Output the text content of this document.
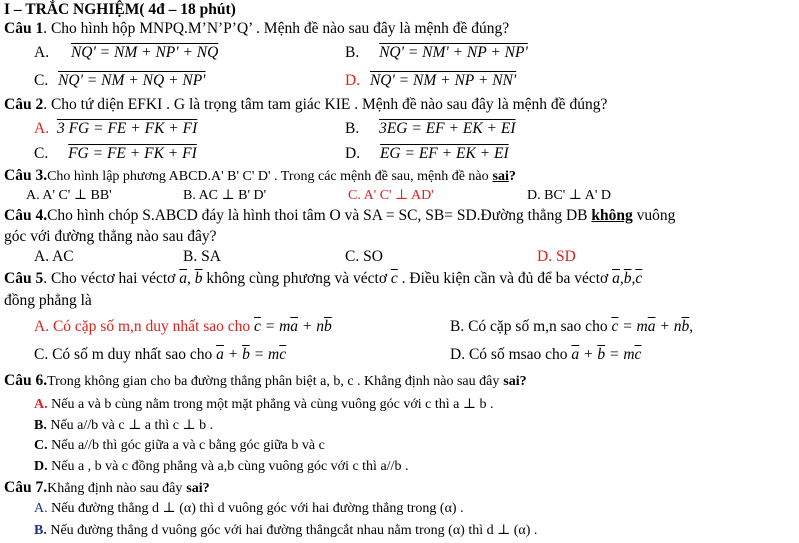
I – TRẮC NGHIỆM( 4đ – 18 phút)
Câu 1. Cho hình hộp MNPQ.M’N’P’Q’ . Mệnh đề nào sau đây là mệnh đề đúng?
A. NQ' = NM + NP' + NQ	B. NQ' = NM' + NP + NP'
C. NQ' = NM + NQ + NP'	D. NQ' = NM + NP + NN'
Câu 2. Cho tứ diện EFKI . G là trọng tâm tam giác KIE . Mệnh đề nào sau đây là mệnh đề đúng?
A. 3 FG = FE + FK + FI	B. 3EG = EF + EK + EI
C. FG = FE + FK + FI	D. EG = EF + EK + EI
Câu 3.Cho hình lập phương ABCD.A' B' C' D' . Trong các mệnh đề sau, mệnh đề nào sai?
A. A' C' ⊥ BB'	B. AC ⊥ B' D'	C. A' C' ⊥ AD'	D. BC' ⊥ A' D
Câu 4.Cho hình chóp S.ABCD đáy là hình thoi tâm O và SA = SC, SB= SD.Đường thẳng DB không vuông
góc với đường thẳng nào sau đây?
A. AC	B. SA	C. SO	D. SD
Câu 5. Cho véctơ hai véctơ $\overline{a}$, $\overline{b}$ không cùng phương và véctơ $\overline{c}$ . Điều kiện cần và đủ để ba véctơ $\overline{a},\overline{b},\overline{c}$
đồng phẳng là
A. Có cặp số m,n duy nhất sao cho $\overline{c} = m\overline{a} + n\overline{b}$	B. Có cặp số m,n sao cho $\overline{c} = m\overline{a} + n\overline{b}$,
C. Có số m duy nhất sao cho $\overline{a} + \overline{b} = m\overline{c}$	D. Có số msao cho $\overline{a} + \overline{b} = m\overline{c}$
Câu 6.Trong không gian cho ba đường thẳng phân biệt a, b, c . Khẳng định nào sau đây sai?
A. Nếu a và b cùng nằm trong một mặt phẳng và cùng vuông góc với c thì a ⊥ b .
B. Nếu a//b và c ⊥ a thì c ⊥ b .
C. Nếu a//b thì góc giữa a và c bằng góc giữa b và c
D. Nếu a , b và c đồng phẳng và a,b cùng vuông góc với c thì a//b .
Câu 7.Khẳng định nào sau đây sai?
A. Nếu đường thẳng d ⊥ (α) thì d vuông góc với hai đường thẳng trong (α) .
B. Nếu đường thẳng d vuông góc với hai đường thẳngcắt nhau nằm trong (α) thì d ⊥ (α) .
